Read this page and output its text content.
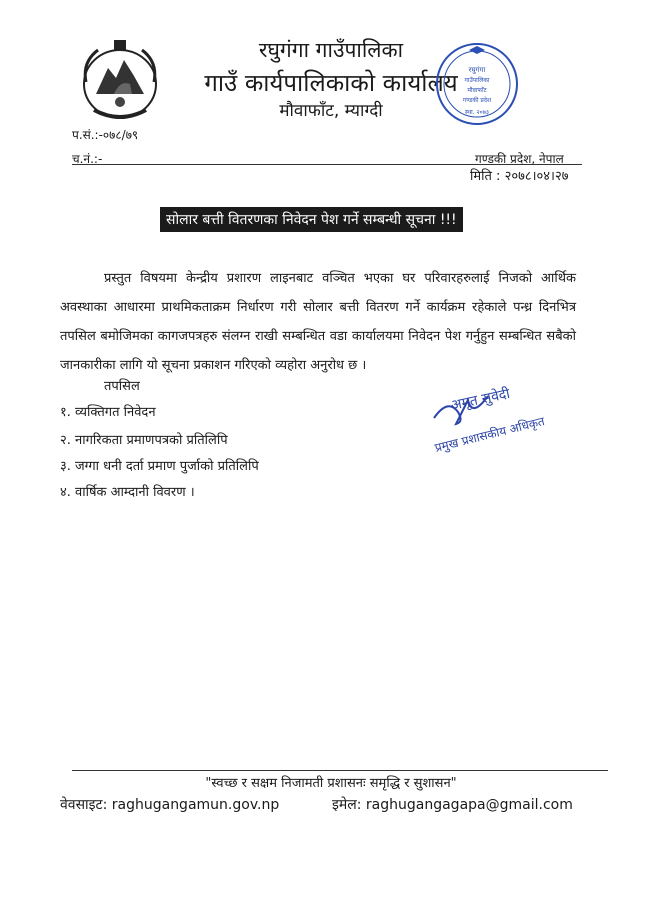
रघुगंगा गाउँपालिका
गाउँ कार्यपालिकाको कार्यालय
मौवाफाँट, म्याग्दी
रघुगंगा
गाउँपालिका
मौवाफाँट
गण्डकी प्रदेश
स्था. २०७३
प.सं.:-०७८/७९
च.नं.:-	गण्डकी प्रदेश, नेपाल
मिति : २०७८।०४।२७
सोलार बत्ती वितरणका निवेदन पेश गर्ने सम्बन्धी सूचना !!!
प्रस्तुत विषयमा केन्द्रीय प्रशारण लाइनबाट वञ्चित भएका घर परिवारहरुलाई निजको आर्थिक अवस्थाका आधारमा प्राथमिकताक्रम निर्धारण गरी सोलार बत्ती वितरण गर्ने कार्यक्रम रहेकाले पन्ध्र दिनभित्र तपसिल बमोजिमका कागजपत्रहरु संलग्न राखी सम्बन्धित वडा कार्यालयमा निवेदन पेश गर्नुहुन सम्बन्धित सबैको जानकारीका लागि यो सूचना प्रकाशन गरिएको व्यहोरा अनुरोध छ ।
तपसिल
१. व्यक्तिगत निवेदन
२. नागरिकता प्रमाणपत्रको प्रतिलिपि
३. जग्गा धनी दर्ता प्रमाण पुर्जाको प्रतिलिपि
४. वार्षिक आम्दानी विवरण ।
अमृत सुवेदी
प्रमुख प्रशासकीय अधिकृत
"स्वच्छ र सक्षम निजामती प्रशासनः समृद्धि र सुशासन"
वेवसाइट: raghugangamun.gov.np	इमेल: raghugangagapa@gmail.com
